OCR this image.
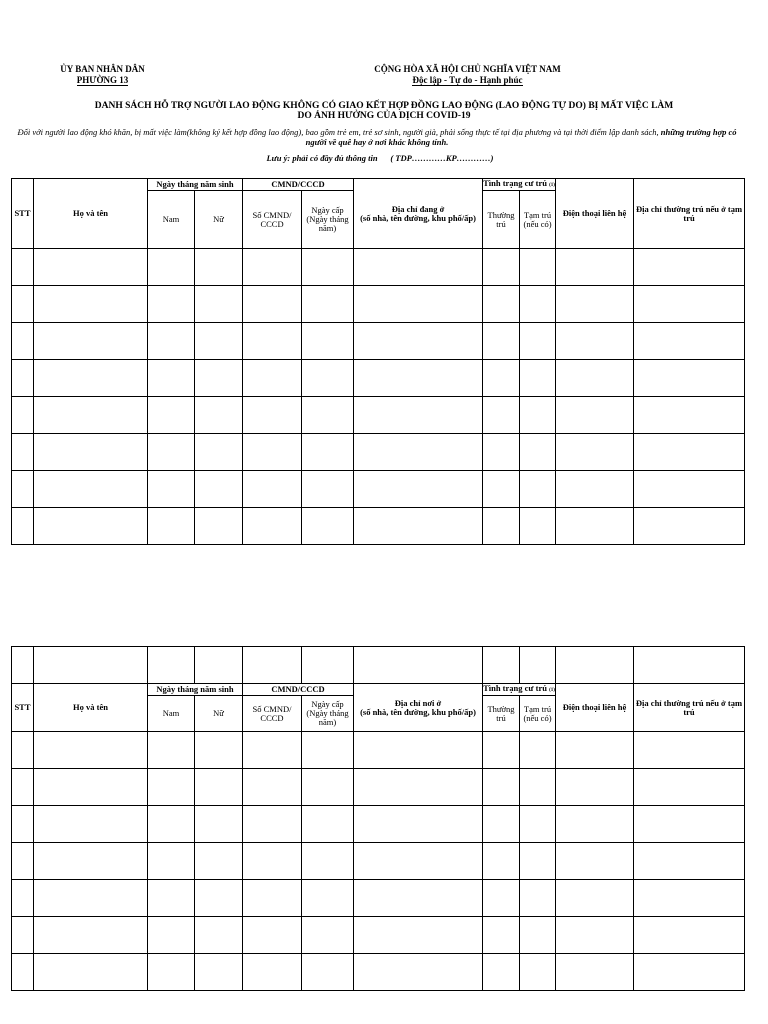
ỦY BAN NHÂN DÂN
PHƯỜNG 13
CỘNG HÒA XÃ HỘI CHỦ NGHĨA VIỆT NAM
Độc lập - Tự do - Hạnh phúc
DANH SÁCH HỖ TRỢ NGƯỜI LAO ĐỘNG KHÔNG CÓ GIAO KẾT HỢP ĐỒNG LAO ĐỘNG (LAO ĐỘNG TỰ DO) BỊ MẤT VIỆC LÀM
DO ẢNH HƯỞNG CỦA DỊCH COVID-19
Đối với người lao động khó khăn, bị mất việc làm(không ký kết hợp đồng lao động), bao gồm trẻ em, trẻ sơ sinh, người già, phải sống thực tế tại địa phương và tại thời điểm lập danh sách, những trường hợp có người về quê hay ở nơi khác không tính.
Lưu ý: phải có đầy đủ thông tin ( TDP…………KP…………)
STT	Họ và tên	Ngày tháng năm sinh		CMND/CCCD		Địa chỉ đang ở
(số nhà, tên đường, khu phố/ấp)	Tình trạng cư trú (1)		Điện thoại liên hệ	Địa chỉ thường trú nếu ở tạm trú
		Nam	Nữ	Số CMND/ CCCD	Ngày cấp (Ngày tháng năm)		Thường trú	Tạm trú (nếu có)		

STT	Họ và tên	Ngày tháng năm sinh		CMND/CCCD		Địa chỉ nơi ở
(số nhà, tên đường, khu phố/ấp)	Tình trạng cư trú (1)		Điện thoại liên hệ	Địa chỉ thường trú nếu ở tạm trú
		Nam	Nữ	Số CMND/ CCCD	Ngày cấp (Ngày tháng năm)		Thường trú	Tạm trú (nếu có)		
